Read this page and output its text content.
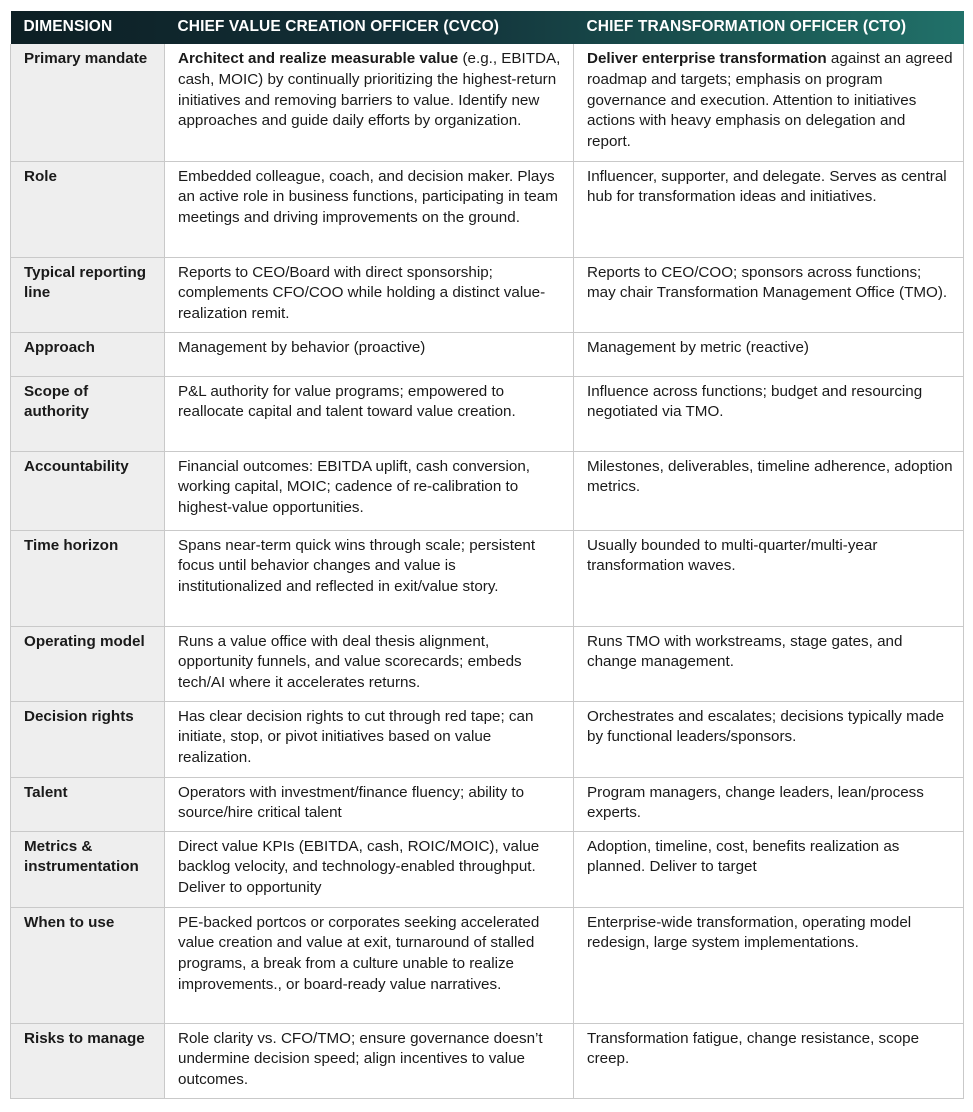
DIMENSION	CHIEF VALUE CREATION OFFICER (CVCO)	CHIEF TRANSFORMATION OFFICER (CTO)
Primary mandate	Architect and realize measurable value (e.g., EBITDA, cash, MOIC) by continually prioritizing the highest-return initiatives and removing barriers to value. Identify new approaches and guide daily efforts by organization.	Deliver enterprise transformation against an agreed roadmap and targets; emphasis on program governance and execution. Attention to initiatives actions with heavy emphasis on delegation and report.
Role	Embedded colleague, coach, and decision maker. Plays an active role in business functions, participating in team meetings and driving improvements on the ground.	Influencer, supporter, and delegate. Serves as central hub for transformation ideas and initiatives.
Typical reporting line	Reports to CEO/Board with direct sponsorship; complements CFO/COO while holding a distinct value-realization remit.	Reports to CEO/COO; sponsors across functions; may chair Transformation Management Office (TMO).
Approach	Management by behavior (proactive)	Management by metric (reactive)
Scope of authority	P&L authority for value programs; empowered to reallocate capital and talent toward value creation.	Influence across functions; budget and resourcing negotiated via TMO.
Accountability	Financial outcomes: EBITDA uplift, cash conversion, working capital, MOIC; cadence of re-calibration to highest-value opportunities.	Milestones, deliverables, timeline adherence, adoption metrics.
Time horizon	Spans near-term quick wins through scale; persistent focus until behavior changes and value is institutionalized and reflected in exit/value story.	Usually bounded to multi-quarter/multi-year transformation waves.
Operating model	Runs a value office with deal thesis alignment, opportunity funnels, and value scorecards; embeds tech/AI where it accelerates returns.	Runs TMO with workstreams, stage gates, and change management.
Decision rights	Has clear decision rights to cut through red tape; can initiate, stop, or pivot initiatives based on value realization.	Orchestrates and escalates; decisions typically made by functional leaders/sponsors.
Talent	Operators with investment/finance fluency; ability to source/hire critical talent	Program managers, change leaders, lean/process experts.
Metrics & instrumentation	Direct value KPIs (EBITDA, cash, ROIC/MOIC), value backlog velocity, and technology-enabled throughput. Deliver to opportunity	Adoption, timeline, cost, benefits realization as planned. Deliver to target
When to use	PE-backed portcos or corporates seeking accelerated value creation and value at exit, turnaround of stalled programs, a break from a culture unable to realize improvements., or board-ready value narratives.	Enterprise-wide transformation, operating model redesign, large system implementations.
Risks to manage	Role clarity vs. CFO/TMO; ensure governance doesn’t undermine decision speed; align incentives to value outcomes.	Transformation fatigue, change resistance, scope creep.
